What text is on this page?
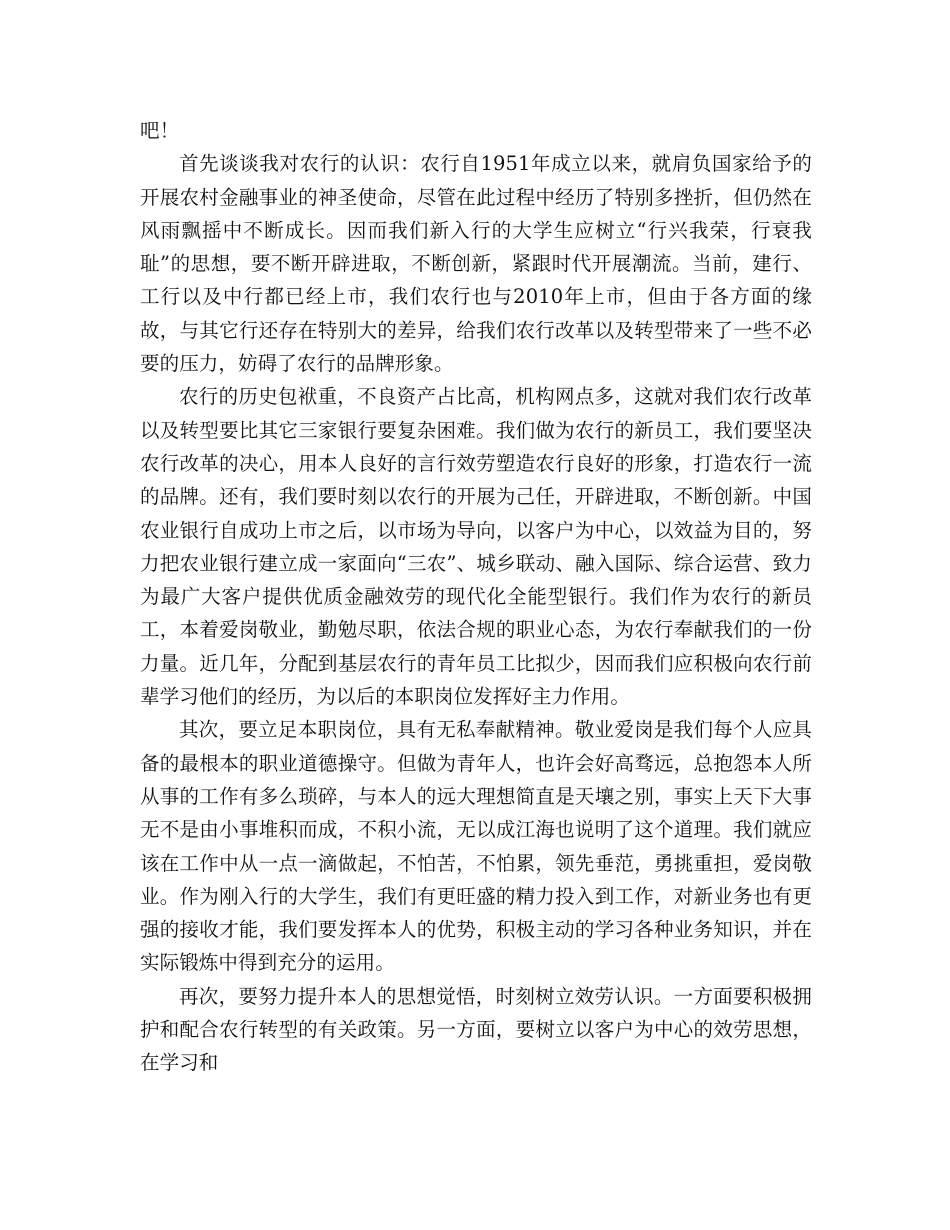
吧！

首先谈谈我对农行的认识：农行自1951年成立以来，就肩负国家给予的开展农村金融事业的神圣使命，尽管在此过程中经历了特别多挫折，但仍然在风雨飘摇中不断成长。因而我们新入行的大学生应树立“行兴我荣，行衰我耻”的思想，要不断开辟进取，不断创新，紧跟时代开展潮流。当前，建行、工行以及中行都已经上市，我们农行也与2010年上市，但由于各方面的缘故，与其它行还存在特别大的差异，给我们农行改革以及转型带来了一些不必要的压力，妨碍了农行的品牌形象。

农行的历史包袱重，不良资产占比高，机构网点多，这就对我们农行改革以及转型要比其它三家银行要复杂困难。我们做为农行的新员工，我们要坚决农行改革的决心，用本人良好的言行效劳塑造农行良好的形象，打造农行一流的品牌。还有，我们要时刻以农行的开展为己任，开辟进取，不断创新。中国农业银行自成功上市之后，以市场为导向，以客户为中心，以效益为目的，努力把农业银行建立成一家面向“三农”、城乡联动、融入国际、综合运营、致力为最广大客户提供优质金融效劳的现代化全能型银行。我们作为农行的新员工，本着爱岗敬业，勤勉尽职，依法合规的职业心态，为农行奉献我们的一份力量。近几年，分配到基层农行的青年员工比拟少，因而我们应积极向农行前辈学习他们的经历，为以后的本职岗位发挥好主力作用。

其次，要立足本职岗位，具有无私奉献精神。敬业爱岗是我们每个人应具备的最根本的职业道德操守。但做为青年人，也许会好高骛远，总抱怨本人所从事的工作有多么琐碎，与本人的远大理想简直是天壤之别，事实上天下大事无不是由小事堆积而成，不积小流，无以成江海也说明了这个道理。我们就应该在工作中从一点一滴做起，不怕苦，不怕累，领先垂范，勇挑重担，爱岗敬业。作为刚入行的大学生，我们有更旺盛的精力投入到工作，对新业务也有更强的接收才能，我们要发挥本人的优势，积极主动的学习各种业务知识，并在实际锻炼中得到充分的运用。

再次，要努力提升本人的思想觉悟，时刻树立效劳认识。一方面要积极拥护和配合农行转型的有关政策。另一方面，要树立以客户为中心的效劳思想，在学习和
